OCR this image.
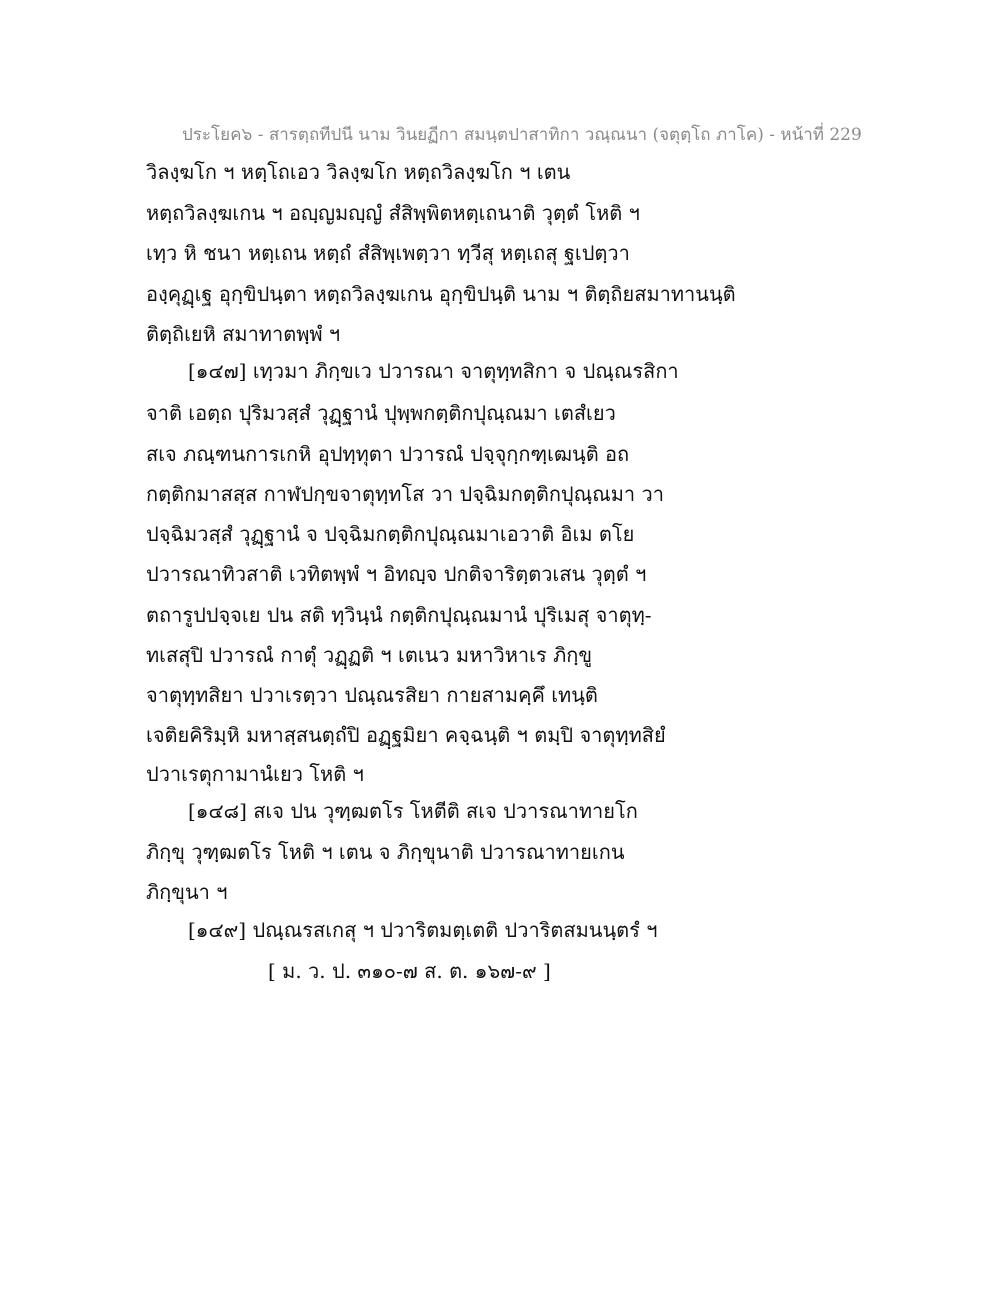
ประโยค๖ - สารตฺถทีปนี นาม วินยฏีกา สมนฺตปาสาทิกา วณฺณนา (จตุตฺโถ ภาโค) - หน้าที่ 229
วิลงฺฆโก ฯ หตฺโถเอว วิลงฺฆโก หตฺถวิลงฺฆโก ฯ เตน
หตฺถวิลงฺฆเกน ฯ อญฺญมญฺญํ สํสิพฺพิตหตฺเถนาติ วุตฺตํ โหติ ฯ
เทฺว หิ ชนา หตฺเถน หตฺถํ สํสิพฺเพตฺวา ทฺวีสุ หตฺเถสุ ฐเปตฺวา
องฺคุฏฺเฐ อุกฺขิปนฺตา หตฺถวิลงฺฆเกน อุกฺขิปนฺติ นาม ฯ ติตฺถิยสมาทานนฺติ
ติตฺถิเยหิ สมาทาตพฺพํ ฯ
[๑๔๗] เทฺวมา ภิกฺขเว ปวารณา จาตุทฺทสิกา จ ปณฺณรสิกา
จาติ เอตฺถ ปุริมวสฺสํ วุฏฺฐานํ ปุพฺพกตฺติกปุณฺณมา เตสํเยว
สเจ ภณฺฑนการเกหิ อุปทฺทุตา ปวารณํ ปจฺจุกฺกฑฺเฒนฺติ อถ
กตฺติกมาสสฺส กาฬปกฺขจาตุทฺทโส วา ปจฺฉิมกตฺติกปุณฺณมา วา
ปจฺฉิมวสฺสํ วุฏฺฐานํ จ ปจฺฉิมกตฺติกปุณฺณมาเอวาติ อิเม ตโย
ปวารณาทิวสาติ เวทิตพฺพํ ฯ อิทญฺจ ปกติจาริตฺตวเสน วุตฺตํ ฯ
ตถารูปปจฺจเย ปน สติ ทฺวินฺนํ กตฺติกปุณฺณมานํ ปุริเมสุ จาตุทฺ-
ทเสสุปิ ปวารณํ กาตุํ วฏฺฏติ ฯ เตเนว มหาวิหาเร ภิกฺขู
จาตุทฺทสิยา ปวาเรตฺวา ปณฺณรสิยา กายสามคฺคึ เทนฺติ
เจติยคิริมฺหิ มหาสฺสนตฺถํปิ อฏฺฐมิยา คจฺฉนฺติ ฯ ตมฺปิ จาตุทฺทสิยํ
ปวาเรตุกามานํเยว โหติ ฯ
[๑๔๘] สเจ ปน วุฑฺฒตโร โหตีติ สเจ ปวารณาทายโก
ภิกฺขุ วุฑฺฒตโร โหติ ฯ เตน จ ภิกฺขุนาติ ปวารณาทายเกน
ภิกฺขุนา ฯ
[๑๔๙] ปณฺณรสเกสุ ฯ ปวาริตมตฺเตติ ปวาริตสมนนฺตรํ ฯ
[ ม. ว. ป. ๓๑๐-๗ ส. ต. ๑๖๗-๙ ]
